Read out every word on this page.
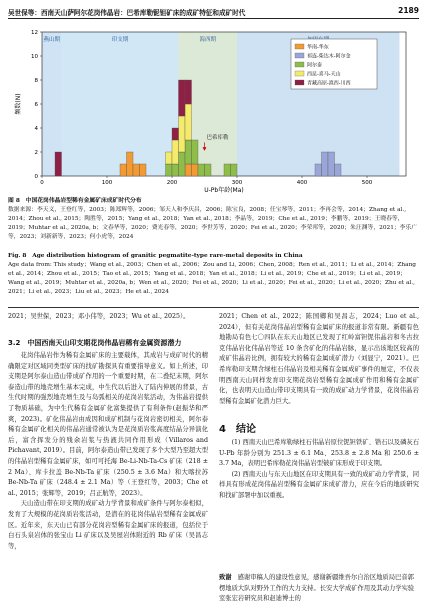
吴世保等：西南天山萨阿尔花岗伟晶岩：巴希库勒铌钽矿床的成矿特征和成矿时代	2189
燕山期	印支期	海西期
0
2
4
6
8
10
12
0	100	200	300	400	500
U-Pb年龄(Ma)
频数(N)
巴希库勒
华南-华东
祁连-柴达木-阿尔金
阿尔泰
西昆-喜马-天山
青藏高原-滇西-川西
图 8　中国花岗伟晶岩型稀有金属矿床成矿时代分布
数据来源：李天义，王登红等，2003；陈郑辉等，2006；邹天人和李庆昌，2006；陈宝良，2008；任宝琴等，2011；李再会等，2014；Zhang et al., 2014；Zhou et al., 2015；陶胜等，2015；Yang et al., 2018；Yan et al., 2018；李晶等，2019；Che et al., 2019；李鹏等，2019；王晓春等，2019；Muhtar et al., 2020a, b；文春华等，2020；费光春等，2020；李世芳等，2020；Fei et al., 2020；李荣邦等，2020；朱汪渊等，2021；李乐广等，2023；刘新新等，2023；何小虎等，2024
Fig. 8　Age distribution histogram of granitic pegmatite-type rare-metal deposits in China
Age data from: This study；Wang et al., 2003；Chen et al., 2006；Zou and Li, 2006；Chen, 2008；Ren et al., 2011；Li et al., 2014；Zhang et al., 2014；Zhou et al., 2015；Tao et al., 2015；Yang et al., 2018；Yan et al., 2018；Li et al., 2019；Che et al., 2019；Li et al., 2019；Wang et al., 2019；Muhtar et al., 2020a, b；Wen et al., 2020；Fei et al., 2020；Li et al., 2020；Fei et al., 2020；Li et al., 2020；Zhu et al., 2021；Li et al., 2023；Liu et al., 2023；He et al., 2024

2021；吴世保，2023；邓小伟等，2023；Wu et al., 2025）。

3.2　中国西南天山印支期花岗伟晶岩稀有金属资源潜力

花岗伟晶岩作为稀有金属矿床的主要载体，其成岩与成矿时代的精确限定对区域同类型矿床的找矿勘探具有重要指导意义。如上所述，印支期是阿尔泰山造山带成矿作用的一个重要时期，在二叠纪末期，阿尔泰造山带的地壳增生基本完成，中生代以后进入了陆内伸展的背景，古生代时期的强烈地壳增生及与岛弧相关的花岗岩浆活动，为伟晶岩提供了物质基础，为中生代稀有金属矿化富集提供了有利条件(赵振华和严爽，2023)。矿化伟晶岩由成因和成矿机制与花岗岩密切相关，阿尔泰稀有金属矿化相关的伟晶岩通常被认为是花岗质岩浆高度结晶分异演化后，富含挥发分的残余岩浆与热液共同作用形成（Villaros and Pichavant, 2019）。目前，阿尔泰造山带已发现了多个大型乃至超大型的伟晶岩型稀有金属矿床，如可可托海 Be-Li-Nb-Ta-Cs 矿床（218 ± 2 Ma）、库卡拉盖 Be-Nb-Ta 矿床（250.5 ± 3.6 Ma）和大喀拉苏 Be-Nb-Ta 矿床（248.4 ± 2.1 Ma）等（王登红等，2003；Che et al., 2015；张辉等，2019；吕正航等，2023）。

天山造山带在印支期的成矿动力学背景和成矿条件与阿尔泰相似，发育了大规模的花岗质岩浆活动，是潜在的花岗伟晶岩型稀有金属成矿区。近年来，东天山已有部分花岗岩型稀有金属矿床的报道，包括位于白石头泉岩体的张宝山 Li 矿床以及吴屋岩体附近的 Rb 矿床（吴昌志等，

2021；Chen et al., 2022；陈国卿和吴昌志，2024；Luo et al., 2024），但有关花岗伟晶岩型稀有金属矿床的报道非常有限。新疆有色地勘局有色七〇四队在东天山地区已发现了红岭富钽铌伟晶岩和冬古拉克伟晶岩化伟晶岩等近 10 条含矿化的伟晶岩脉，显示出该地区较高的成矿伟晶岩比例，拥有较大的稀有金属成矿潜力（刘显宁，2021）。巴希库勒印支期含绿柱石伟晶岩及相关稀有金属成矿事件的厘定，不仅表明西南天山同样发育印支期花岗岩型稀有金属成矿作用和稀有金属矿化，也表明天山造山带印支期具有一致的成矿动力学背景，花岗伟晶岩型稀有金属矿化潜力巨大。

4　结论

(1) 西南天山巴希库勒绿柱石伟晶岩原位铌钽铁矿、锆石以及磷灰石 U-Pb 年龄分别为 251.3 ± 6.1 Ma、253.8 ± 2.8 Ma 和 250.6 ± 3.7 Ma，表明巴希库勒花岗伟晶岩型铍矿床形成于印支期。

(2) 西南天山与东天山地区在印支期具有一致的成矿动力学背景，同样具有形成花岗伟晶岩型稀有金属矿床成矿潜力，应在今后的地质研究和找矿部署中加以重视。

致谢 感谢审稿人的建设性意见，感谢新疆维吾尔自治区地质局巴音郭楞地质大队对野外工作的大力支持。长安大学成矿作用及其动力学实验室张宏岩研究员和赵迪博士的
